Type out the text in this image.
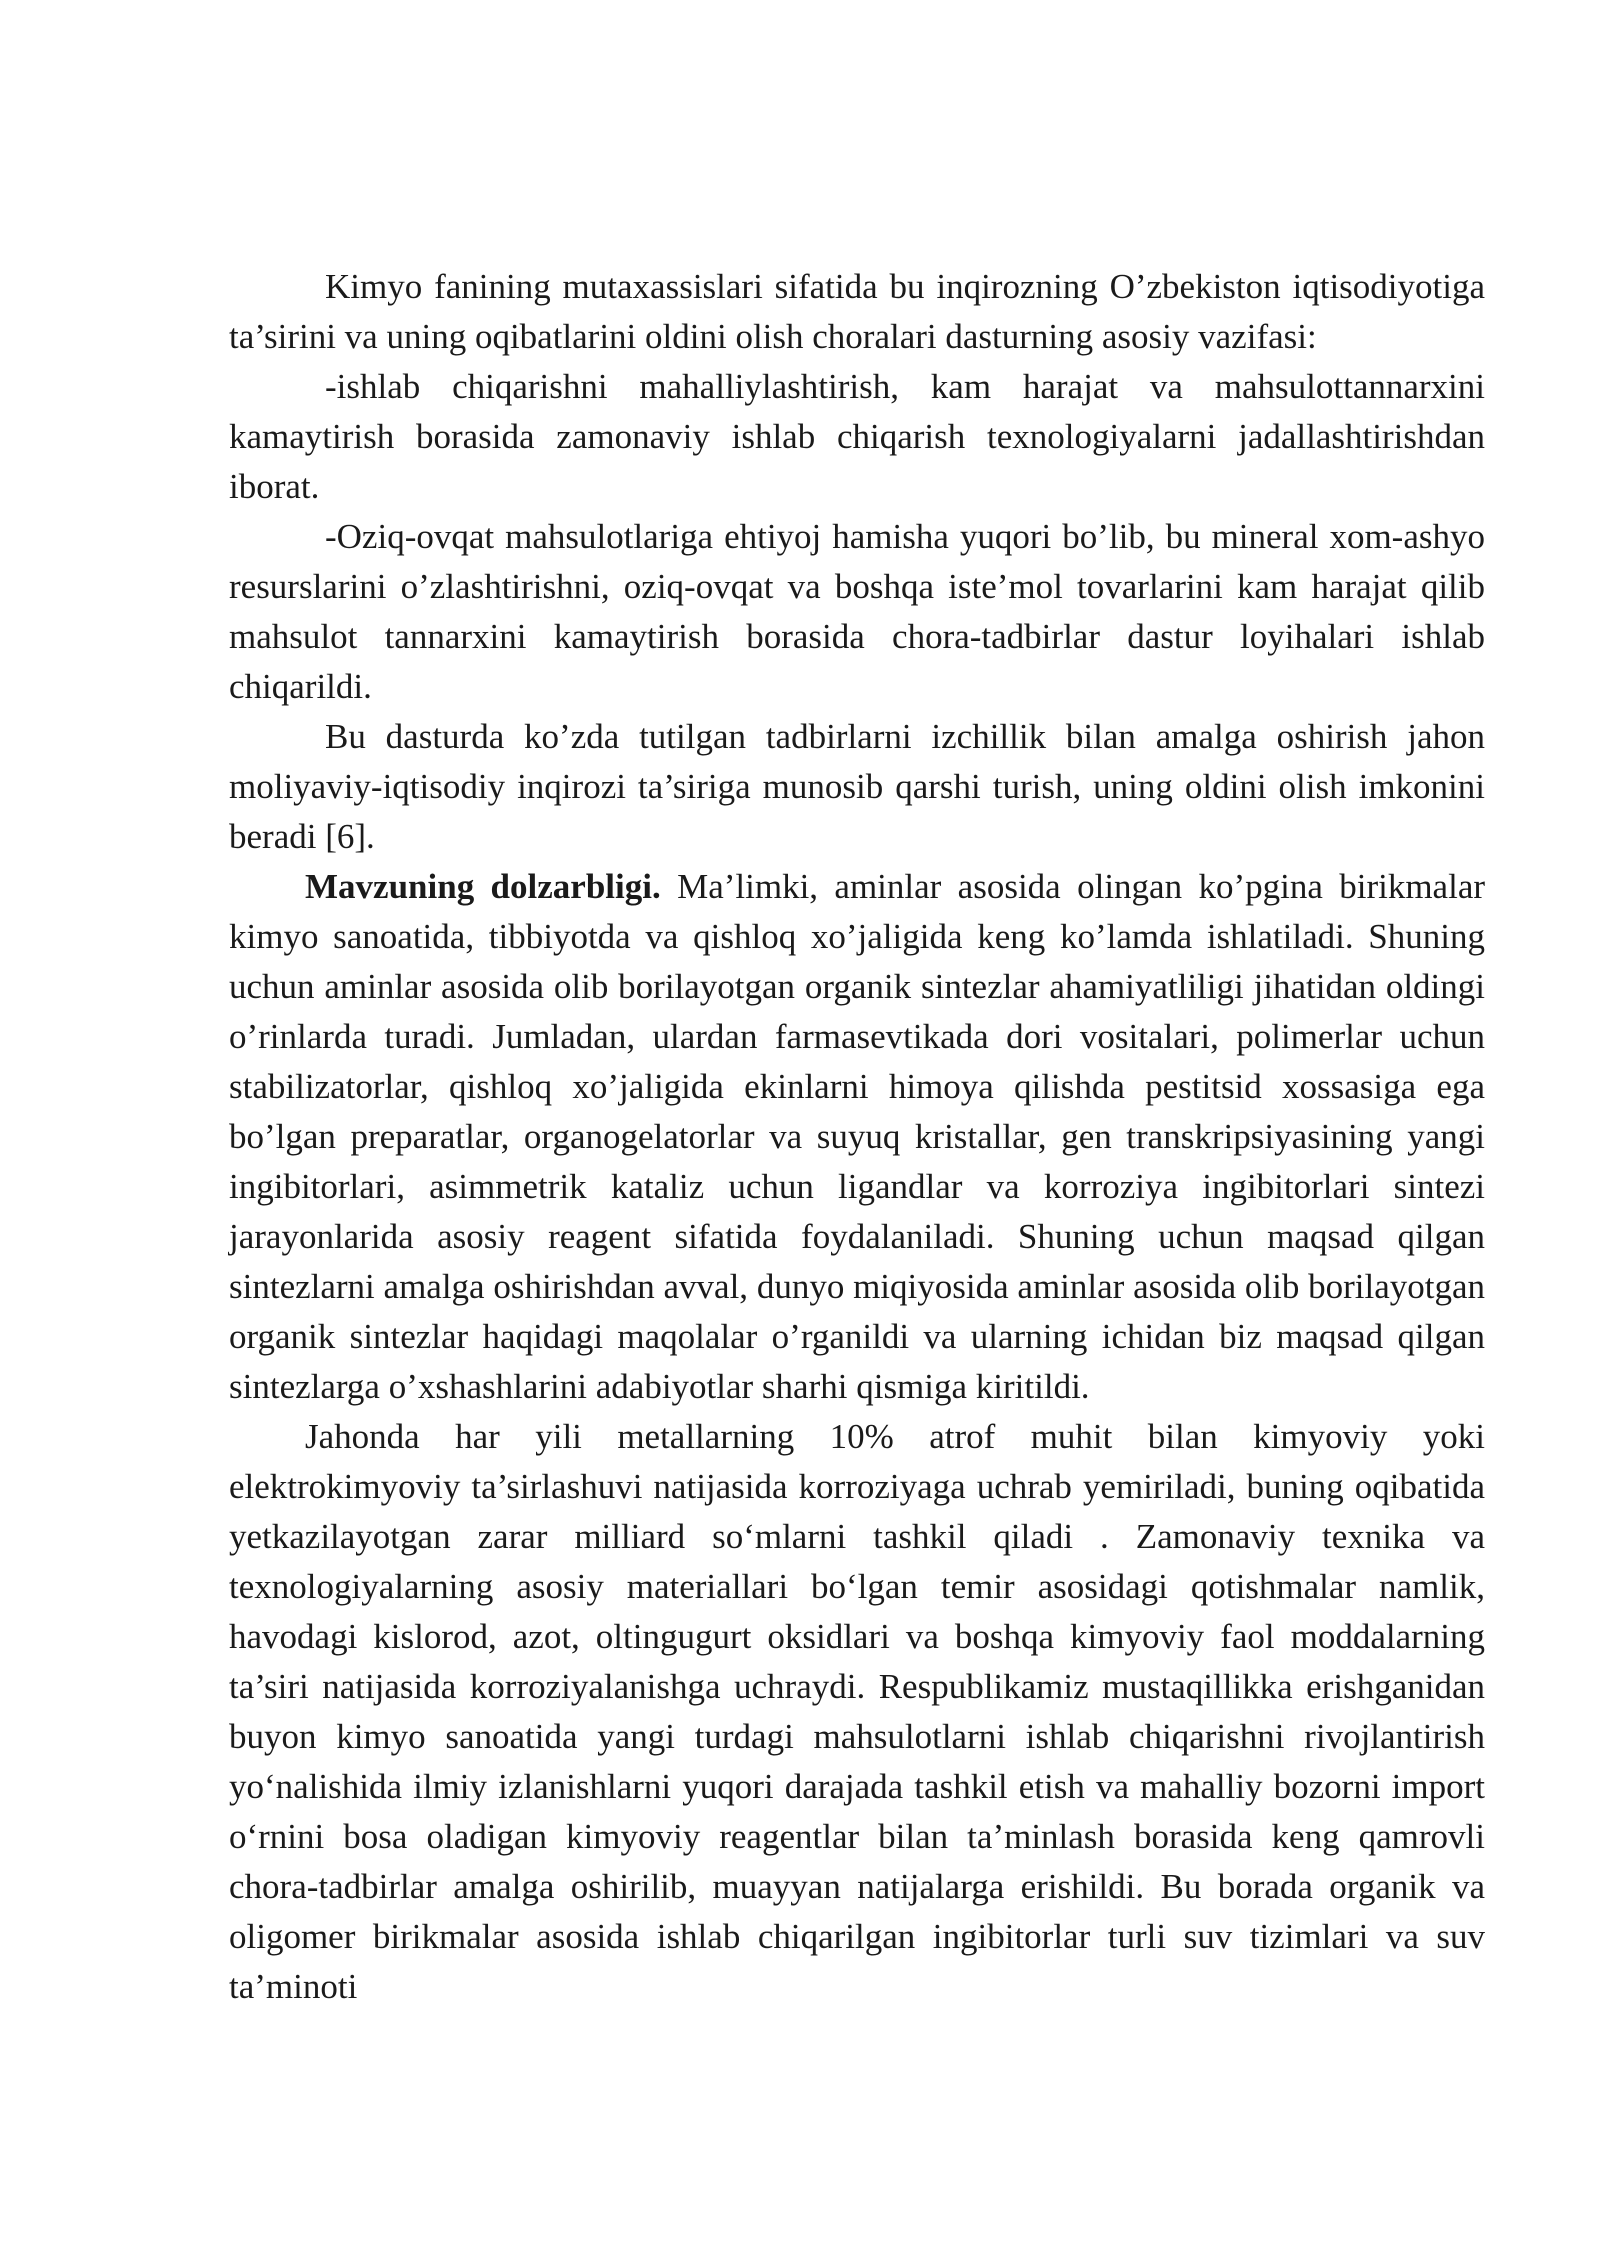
Kimyo fanining mutaxassislari sifatida bu inqirozning O’zbekiston iqtisodiyotiga ta’sirini va uning oqibatlarini oldini olish choralari dasturning asosiy vazifasi:

-ishlab chiqarishni mahalliylashtirish, kam harajat va mahsulottannarxini kamaytirish borasida zamonaviy ishlab chiqarish texnologiyalarni jadallashtirishdan iborat.

-Oziq-ovqat mahsulotlariga ehtiyoj hamisha yuqori bo’lib, bu mineral xom-ashyo resurslarini o’zlashtirishni, oziq-ovqat va boshqa iste’mol tovarlarini kam harajat qilib mahsulot tannarxini kamaytirish borasida chora-tadbirlar dastur loyihalari ishlab chiqarildi.

Bu dasturda ko’zda tutilgan tadbirlarni izchillik bilan amalga oshirish jahon moliyaviy-iqtisodiy inqirozi ta’siriga munosib qarshi turish, uning oldini olish imkonini beradi [6].

Mavzuning dolzarbligi. Ma’limki, aminlar asosida olingan ko’pgina birikmalar kimyo sanoatida, tibbiyotda va qishloq xo’jaligida keng ko’lamda ishlatiladi. Shuning uchun aminlar asosida olib borilayotgan organik sintezlar ahamiyatliligi jihatidan oldingi o’rinlarda turadi. Jumladan, ulardan farmasevtikada dori vositalari, polimerlar uchun stabilizatorlar, qishloq xo’jaligida ekinlarni himoya qilishda pestitsid xossasiga ega bo’lgan preparatlar, organogelatorlar va suyuq kristallar, gen transkripsiyasining yangi ingibitorlari, asimmetrik kataliz uchun ligandlar va korroziya ingibitorlari sintezi jarayonlarida asosiy reagent sifatida foydalaniladi. Shuning uchun maqsad qilgan sintezlarni amalga oshirishdan avval, dunyo miqiyosida aminlar asosida olib borilayotgan organik sintezlar haqidagi maqolalar o’rganildi va ularning ichidan biz maqsad qilgan sintezlarga o’xshashlarini adabiyotlar sharhi qismiga kiritildi.

Jahonda har yili metallarning 10% atrof muhit bilan kimyoviy yoki elektrokimyoviy ta’sirlashuvi natijasida korroziyaga uchrab yemiriladi, buning oqibatida yetkazilayotgan zarar milliard so‘mlarni tashkil qiladi . Zamonaviy texnika va texnologiyalarning asosiy materiallari bo‘lgan temir asosidagi qotishmalar namlik, havodagi kislorod, azot, oltingugurt oksidlari va boshqa kimyoviy faol moddalarning ta’siri natijasida korroziyalanishga uchraydi. Respublikamiz mustaqillikka erishganidan buyon kimyo sanoatida yangi turdagi mahsulotlarni ishlab chiqarishni rivojlantirish yo‘nalishida ilmiy izlanishlarni yuqori darajada tashkil etish va mahalliy bozorni import o‘rnini bosa oladigan kimyoviy reagentlar bilan ta’minlash borasida keng qamrovli chora-tadbirlar amalga oshirilib, muayyan natijalarga erishildi. Bu borada organik va oligomer birikmalar asosida ishlab chiqarilgan ingibitorlar turli suv tizimlari va suv ta’minoti
